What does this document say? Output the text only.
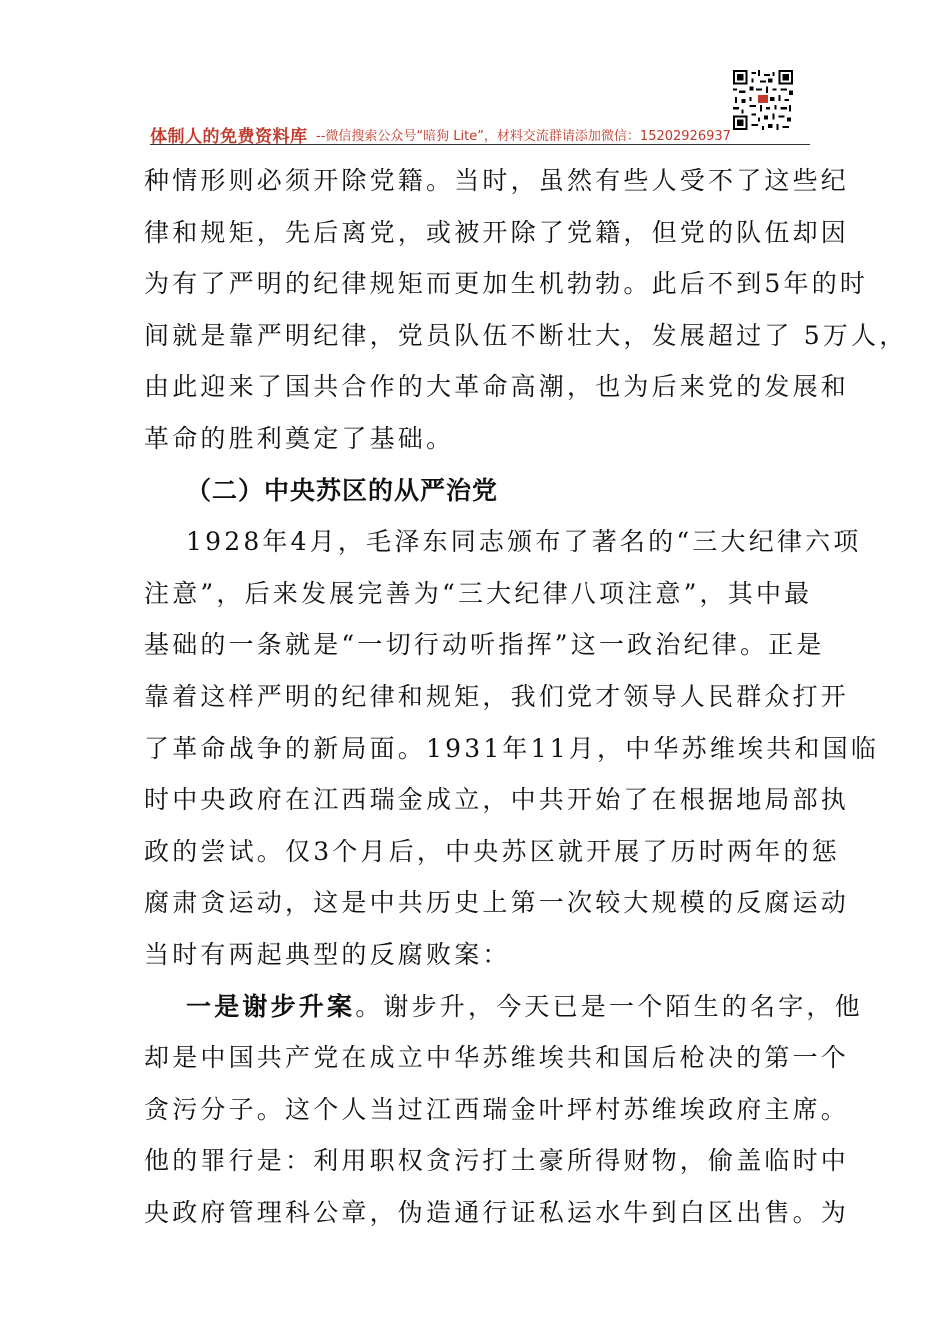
体制人的免费资料库 --微信搜索公众号“暗狗 Lite”，材料交流群请添加微信：15202926937

种情形则必须开除党籍。当时，虽然有些人受不了这些纪

律和规矩，先后离党，或被开除了党籍，但党的队伍却因

为有了严明的纪律规矩而更加生机勃勃。此后不到5年的时

间就是靠严明纪律，党员队伍不断壮大，发展超过了 5万人，

由此迎来了国共合作的大革命高潮，也为后来党的发展和

革命的胜利奠定了基础。

（二）中央苏区的从严治党

1928年4月，毛泽东同志颁布了著名的“三大纪律六项

注意”，后来发展完善为“三大纪律八项注意”，其中最

基础的一条就是“一切行动听指挥”这一政治纪律。正是

靠着这样严明的纪律和规矩，我们党才领导人民群众打开

了革命战争的新局面。1931年11月，中华苏维埃共和国临

时中央政府在江西瑞金成立，中共开始了在根据地局部执

政的尝试。仅3个月后，中央苏区就开展了历时两年的惩

腐肃贪运动，这是中共历史上第一次较大规模的反腐运动

当时有两起典型的反腐败案：

一是谢步升案。谢步升，今天已是一个陌生的名字，他

却是中国共产党在成立中华苏维埃共和国后枪决的第一个

贪污分子。这个人当过江西瑞金叶坪村苏维埃政府主席。

他的罪行是：利用职权贪污打土豪所得财物，偷盖临时中

央政府管理科公章，伪造通行证私运水牛到白区出售。为
